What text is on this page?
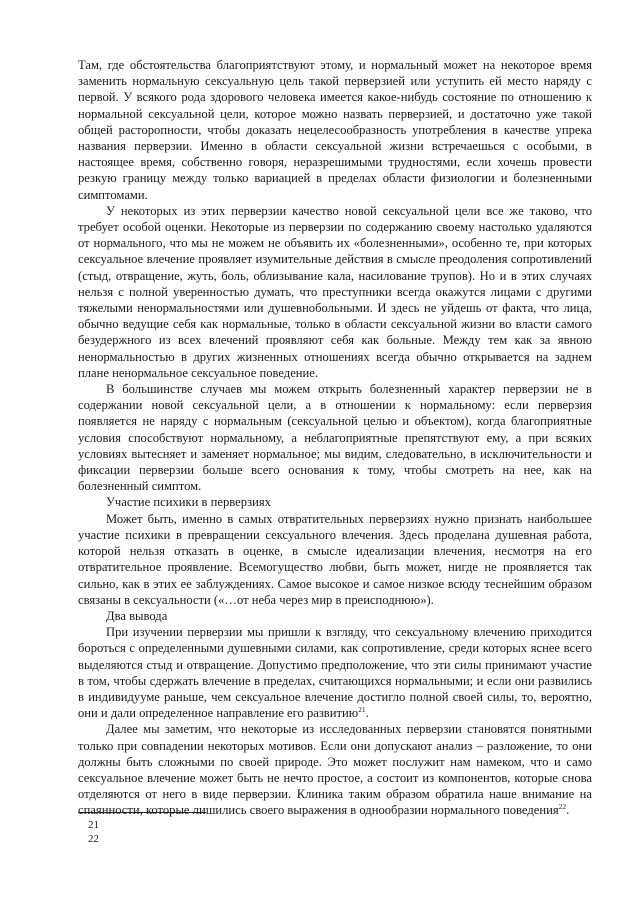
Там, где обстоятельства благоприятствуют этому, и нормальный может на некоторое время заменить нормальную сексуальную цель такой перверзией или уступить ей место наряду с первой. У всякого рода здорового человека имеется какое-нибудь состояние по отношению к нормальной сексуальной цели, которое можно назвать перверзией, и достаточно уже такой общей расторопности, чтобы доказать нецелесообразность употребления в качестве упрека названия перверзии. Именно в области сексуальной жизни встречаешься с особыми, в настоящее время, собственно говоря, неразрешимыми трудностями, если хочешь провести резкую границу между только вариацией в пределах области физиологии и болезненными симптомами.

У некоторых из этих перверзии качество новой сексуальной цели все же таково, что требует особой оценки. Некоторые из перверзии по содержанию своему настолько удаляются от нормального, что мы не можем не объявить их «болезненными», особенно те, при которых сексуальное влечение проявляет изумительные действия в смысле преодоления сопротивлений (стыд, отвращение, жуть, боль, облизывание кала, насилование трупов). Но и в этих случаях нельзя с полной уверенностью думать, что преступники всегда окажутся лицами с другими тяжелыми ненормальностями или душевнобольными. И здесь не уйдешь от факта, что лица, обычно ведущие себя как нормальные, только в области сексуальной жизни во власти самого безудержного из всех влечений проявляют себя как больные. Между тем как за явною ненормальностью в других жизненных отношениях всегда обычно открывается на заднем плане ненормальное сексуальное поведение.

В большинстве случаев мы можем открыть болезненный характер перверзии не в содержании новой сексуальной цели, а в отношении к нормальному: если перверзия появляется не наряду с нормальным (сексуальной целью и объектом), когда благоприятные условия способствуют нормальному, а неблагоприятные препятствуют ему, а при всяких условиях вытесняет и заменяет нормальное; мы видим, следовательно, в исключительности и фиксации перверзии больше всего основания к тому, чтобы смотреть на нее, как на болезненный симптом.

Участие психики в перверзиях

Может быть, именно в самых отвратительных перверзиях нужно признать наибольшее участие психики в превращении сексуального влечения. Здесь проделана душевная работа, которой нельзя отказать в оценке, в смысле идеализации влечения, несмотря на его отвратительное проявление. Всемогущество любви, быть может, нигде не проявляется так сильно, как в этих ее заблуждениях. Самое высокое и самое низкое всюду теснейшим образом связаны в сексуальности («…от неба через мир в преисподнюю»).

Два вывода

При изучении перверзии мы пришли к взгляду, что сексуальному влечению приходится бороться с определенными душевными силами, как сопротивление, среди которых яснее всего выделяются стыд и отвращение. Допустимо предположение, что эти силы принимают участие в том, чтобы сдержать влечение в пределах, считающихся нормальными; и если они развились в индивидууме раньше, чем сексуальное влечение достигло полной своей силы, то, вероятно, они и дали определенное направление его развитию$^{21}$.

Далее мы заметим, что некоторые из исследованных перверзии становятся понятными только при совпадении некоторых мотивов. Если они допускают анализ – разложение, то они должны быть сложными по своей природе. Это может послужит нам намеком, что и само сексуальное влечение может быть не нечто простое, а состоит из компонентов, которые снова отделяются от него в виде перверзии. Клиника таким образом обратила наше внимание на спаянности, которые лишились своего выражения в однообразии нормального поведения$^{22}$.

21
22
